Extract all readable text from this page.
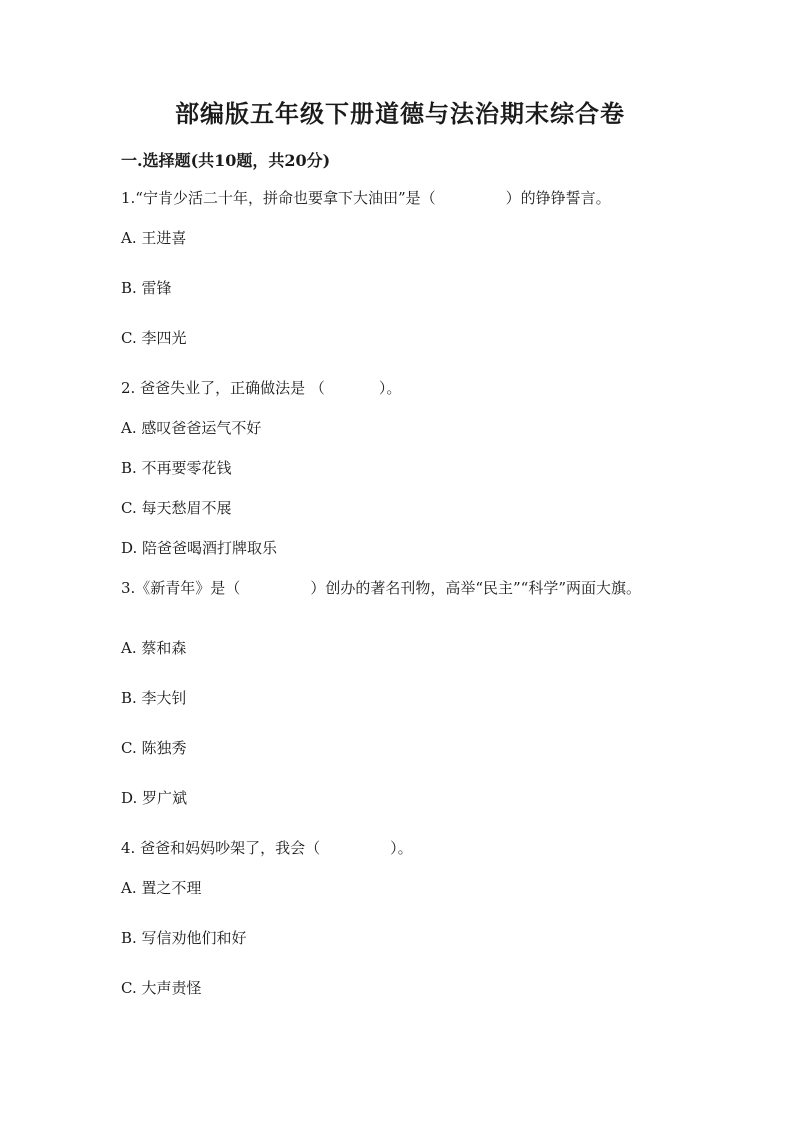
部编版五年级下册道德与法治期末综合卷
一.选择题(共10题，共20分)

1.“宁肯少活二十年，拼命也要拿下大油田”是（	）的铮铮誓言。

A. 王进喜

B. 雷锋

C. 李四光

2. 爸爸失业了，正确做法是 （	）。

A. 感叹爸爸运气不好

B. 不再要零花钱

C. 每天愁眉不展

D. 陪爸爸喝酒打牌取乐

3.《新青年》是（	）创办的著名刊物，高举“民主”“科学”两面大旗。

A. 蔡和森

B. 李大钊

C. 陈独秀

D. 罗广斌

4. 爸爸和妈妈吵架了，我会（	）。

A. 置之不理

B. 写信劝他们和好

C. 大声责怪
